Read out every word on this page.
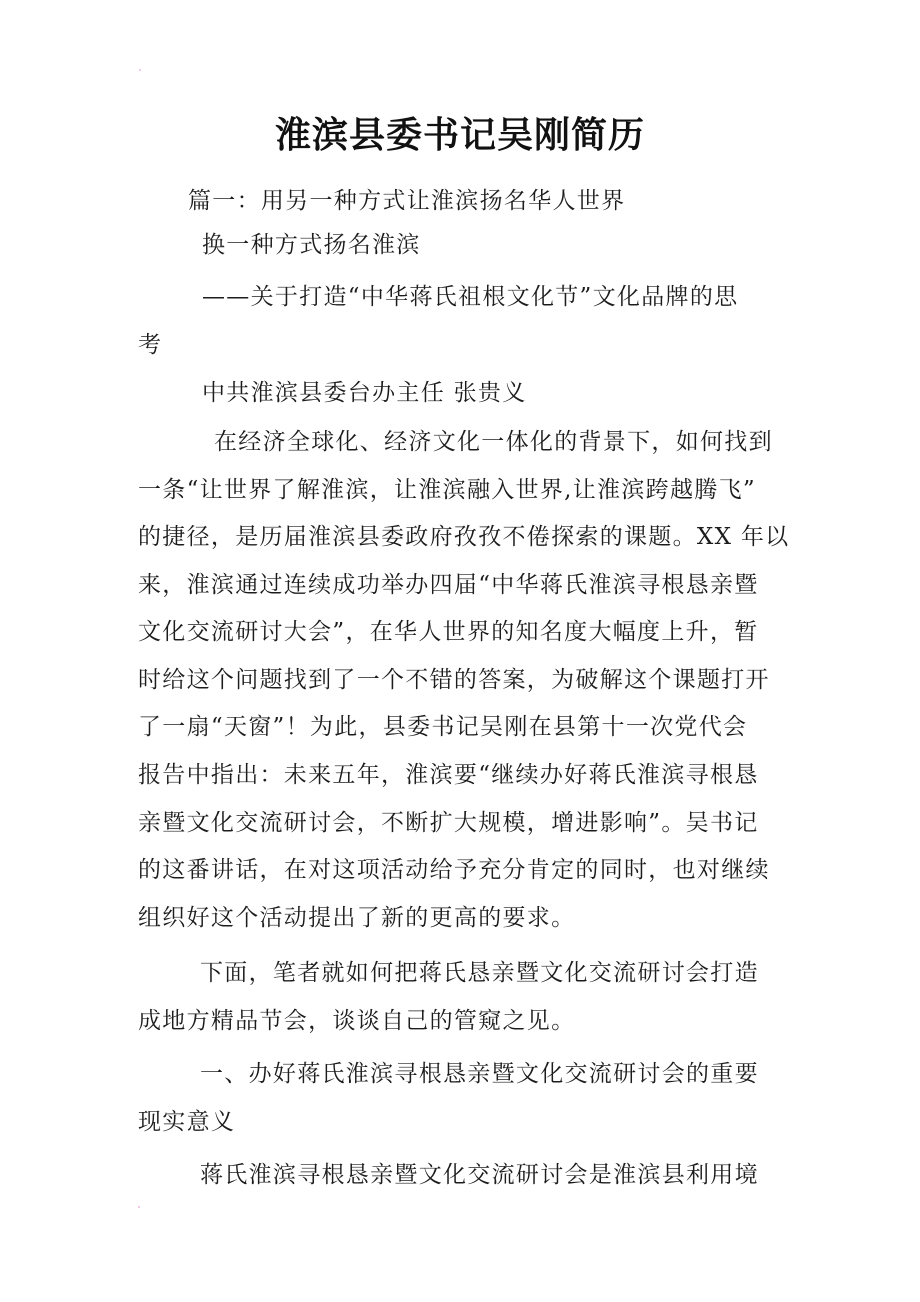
淮滨县委书记吴刚简历
篇一：用另一种方式让淮滨扬名华人世界
换一种方式扬名淮滨
——关于打造“中华蒋氏祖根文化节”文化品牌的思
考
中共淮滨县委台办主任 张贵义
在经济全球化、经济文化一体化的背景下，如何找到
一条“让世界了解淮滨，让淮滨融入世界,让淮滨跨越腾飞”
的捷径，是历届淮滨县委政府孜孜不倦探索的课题。XX 年以
来，淮滨通过连续成功举办四届“中华蒋氏淮滨寻根恳亲暨
文化交流研讨大会”，在华人世界的知名度大幅度上升，暂
时给这个问题找到了一个不错的答案，为破解这个课题打开
了一扇“天窗”！为此，县委书记吴刚在县第十一次党代会
报告中指出：未来五年，淮滨要“继续办好蒋氏淮滨寻根恳
亲暨文化交流研讨会，不断扩大规模，增进影响”。吴书记
的这番讲话，在对这项活动给予充分肯定的同时，也对继续
组织好这个活动提出了新的更高的要求。
下面，笔者就如何把蒋氏恳亲暨文化交流研讨会打造
成地方精品节会，谈谈自己的管窥之见。
一、办好蒋氏淮滨寻根恳亲暨文化交流研讨会的重要
现实意义
蒋氏淮滨寻根恳亲暨文化交流研讨会是淮滨县利用境
